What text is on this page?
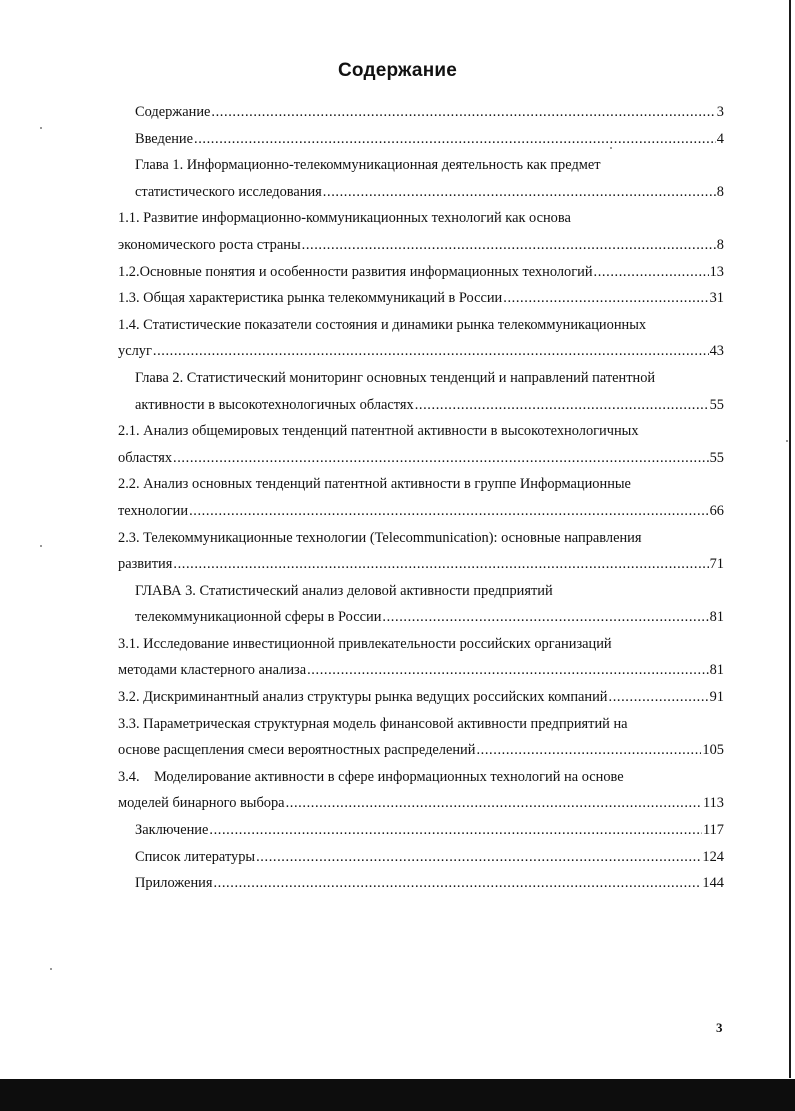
Содержание
Содержание .....	3
Введение .....	4
Глава 1. Информационно-телекоммуникационная деятельность как предмет
статистического исследования .....	8
1.1. Развитие информационно-коммуникационных технологий как основа
экономического роста страны .....	8
1.2.Основные понятия и особенности развития информационных технологий .....	13
1.3. Общая характеристика рынка телекоммуникаций в России .....	31
1.4. Статистические показатели состояния и динамики рынка телекоммуникационных
услуг .....	43
Глава 2. Статистический мониторинг основных тенденций и направлений патентной
активности в высокотехнологичных областях .....	55
2.1. Анализ общемировых тенденций патентной активности в высокотехнологичных
областях .....	55
2.2. Анализ основных тенденций патентной активности в группе Информационные
технологии .....	66
2.3. Телекоммуникационные технологии (Telecommunication): основные направления
развития .....	71
ГЛАВА 3. Статистический анализ деловой активности предприятий
телекоммуникационной сферы в России .....	81
3.1. Исследование инвестиционной привлекательности российских организаций
методами кластерного анализа .....	81
3.2. Дискриминантный анализ структуры рынка ведущих российских компаний .....	91
3.3. Параметрическая структурная модель финансовой активности предприятий на
основе расщепления смеси вероятностных распределений .....	105
3.4.    Моделирование активности в сфере информационных технологий на основе
моделей бинарного выбора .....	113
Заключение .....	117
Список литературы .....	124
Приложения .....	144
3
